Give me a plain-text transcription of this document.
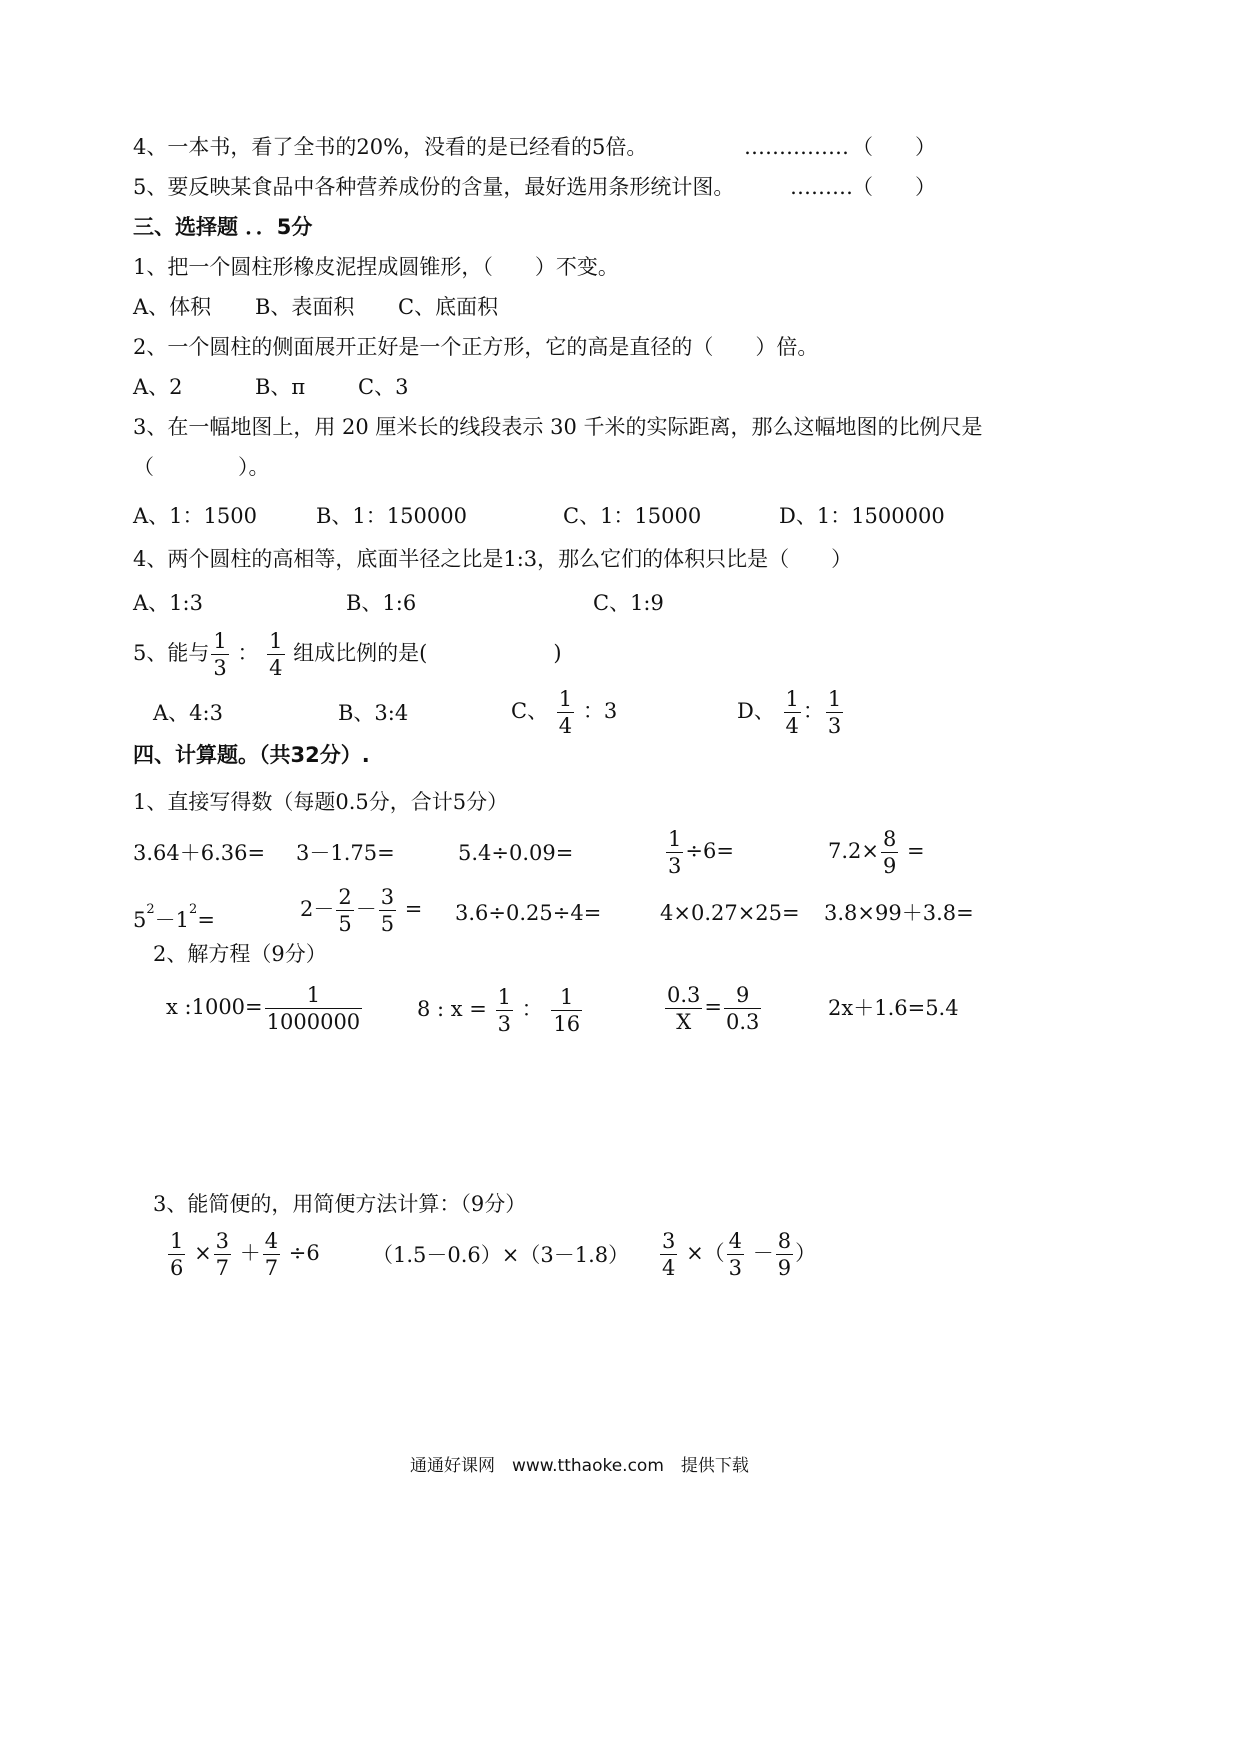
4、一本书，看了全书的20%，没看的是已经看的5倍。	…………… （　　）
5、要反映某食品中各种营养成份的含量，最好选用条形统计图。	……… （　　）
三、选择题 ．．5分
1、把一个圆柱形橡皮泥捏成圆锥形，（　　）不变。
A、体积 B、表面积 C、底面积
2、一个圆柱的侧面展开正好是一个正方形，它的高是直径的（　　）倍。
A、2	B、π	C、3
3、在一幅地图上，用 20 厘米长的线段表示 30 千米的实际距离，那么这幅地图的比例尺是
（　　　　）。
A、1：1500	B、1：150000	C、1：15000	D、1：1500000
4、两个圆柱的高相等，底面半径之比是1:3，那么它们的体积只比是（　　）
A、1:3	B、1:6	C、1:9
5、能与 $\frac{1}{3}$ ： $\frac{1}{4}$ 组成比例的是(　　　　　　)
A、4:3	B、3:4	C、 $\frac{1}{4}$ ：3	D、 $\frac{1}{4}$ ： $\frac{1}{3}$
四、计算题。（共32分）.
1、直接写得数（每题0.5分，合计5分）
3.64＋6.36= 3－1.75=	5.4÷0.09=	$\frac{1}{3} \div 6=$	$7.2\times \frac{8}{9}$ =
$5^2-1^2=$	$2- \frac{2}{5} - \frac{3}{5} = 3.6\div 0.25\div 4=$	4×0.27×25= 3.8×99＋3.8=
2、解方程（9分）
x :1000= $\frac{1}{1000000}$	8 : $x = \frac{1}{3}$ ： $\frac{1}{16}$	$\frac{0.3}{X} = \frac{9}{0.3}$	2x＋1.6=5.4
3、能简便的，用简便方法计算：（9分）
$\frac{1}{6} \times \frac{3}{7} + \frac{4}{7} \div 6$ $(1.5-0.6)\times(3-1.8) \frac{3}{4}$ ×（ $\frac{4}{3} - \frac{8}{9}$ ）
通通好课网　www.tthaoke.com　提供下载
